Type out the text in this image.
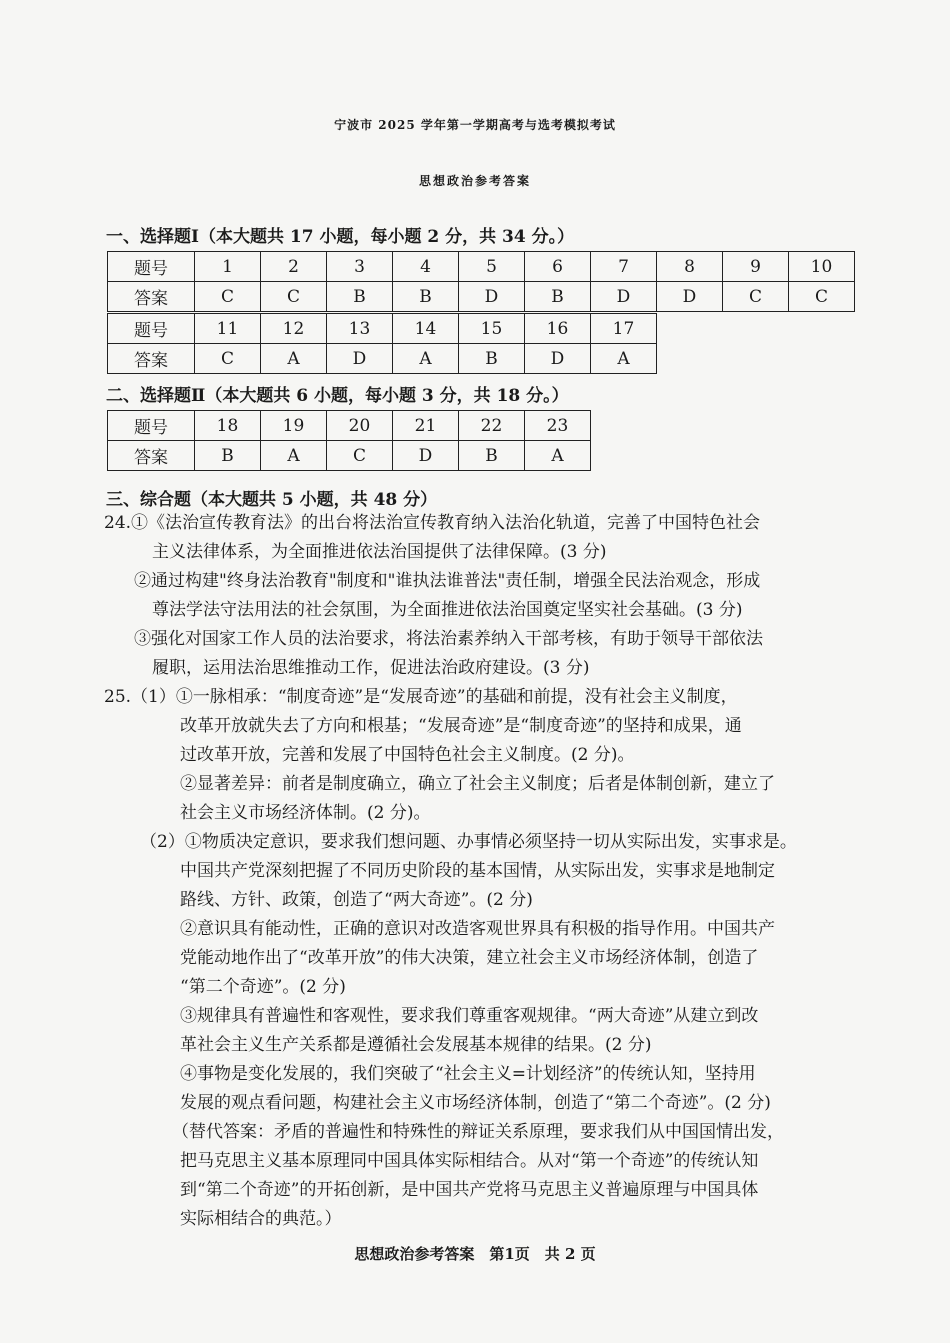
宁波市 2025 学年第一学期高考与选考模拟考试
思想政治参考答案
一、选择题Ⅰ（本大题共 17 小题，每小题 2 分，共 34 分。）
题号	1	2	3	4	5	6	7	8	9	10
答案	C	C	B	B	D	B	D	D	C	C
题号	11	12	13	14	15	16	17
答案	C	A	D	A	B	D	A
二、选择题Ⅱ（本大题共 6 小题，每小题 3 分，共 18 分。）
题号	18	19	20	21	22	23
答案	B	A	C	D	B	A
三、综合题（本大题共 5 小题，共 48 分）
24.①《法治宣传教育法》的出台将法治宣传教育纳入法治化轨道，完善了中国特色社会
主义法律体系，为全面推进依法治国提供了法律保障。(3 分)
②通过构建"终身法治教育"制度和"谁执法谁普法"责任制，增强全民法治观念，形成
尊法学法守法用法的社会氛围，为全面推进依法治国奠定坚实社会基础。(3 分)
③强化对国家工作人员的法治要求，将法治素养纳入干部考核，有助于领导干部依法
履职，运用法治思维推动工作，促进法治政府建设。(3 分)
25.（1）①一脉相承：“制度奇迹”是“发展奇迹”的基础和前提，没有社会主义制度，
改革开放就失去了方向和根基；“发展奇迹”是“制度奇迹”的坚持和成果，通
过改革开放，完善和发展了中国特色社会主义制度。(2 分)。
②显著差异：前者是制度确立，确立了社会主义制度；后者是体制创新，建立了
社会主义市场经济体制。(2 分)。
（2）①物质决定意识，要求我们想问题、办事情必须坚持一切从实际出发，实事求是。
中国共产党深刻把握了不同历史阶段的基本国情，从实际出发，实事求是地制定
路线、方针、政策，创造了“两大奇迹”。(2 分)
②意识具有能动性，正确的意识对改造客观世界具有积极的指导作用。中国共产
党能动地作出了“改革开放”的伟大决策，建立社会主义市场经济体制，创造了
“第二个奇迹”。(2 分)
③规律具有普遍性和客观性，要求我们尊重客观规律。“两大奇迹”从建立到改
革社会主义生产关系都是遵循社会发展基本规律的结果。(2 分)
④事物是变化发展的，我们突破了“社会主义=计划经济”的传统认知，坚持用
发展的观点看问题，构建社会主义市场经济体制，创造了“第二个奇迹”。(2 分)
（替代答案：矛盾的普遍性和特殊性的辩证关系原理，要求我们从中国国情出发，
把马克思主义基本原理同中国具体实际相结合。从对“第一个奇迹”的传统认知
到“第二个奇迹”的开拓创新，是中国共产党将马克思主义普遍原理与中国具体
实际相结合的典范。）
思想政治参考答案　第1页　共 2 页
